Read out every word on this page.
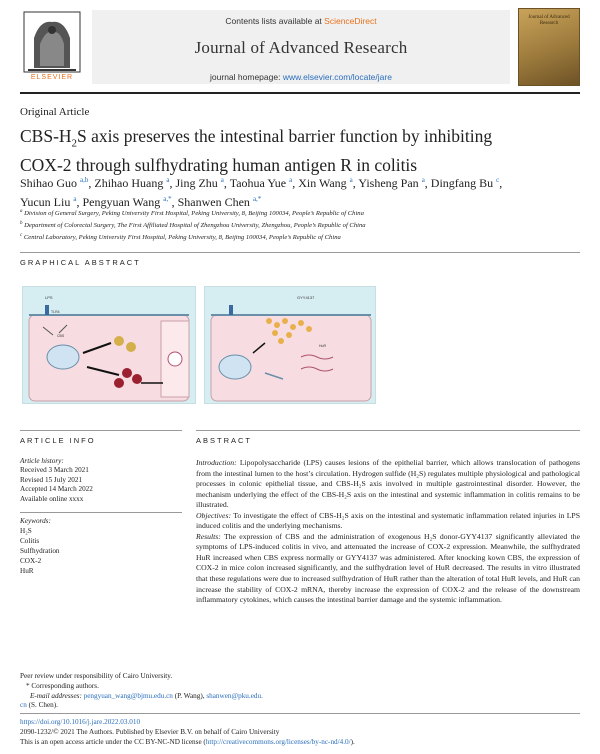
ELSEVIER
Contents lists available at ScienceDirect
Journal of Advanced Research
journal homepage: www.elsevier.com/locate/jare
Journal of Advanced Research
Original Article
CBS-$H_2S$ axis preserves the intestinal barrier function by inhibiting
COX-2 through sulfhydrating human antigen R in colitis
Shihao Guo $^{a,b}$, Zhihao Huang $^a$, Jing Zhu $^a$, Taohua Yue $^a$, Xin Wang $^a$, Yisheng Pan $^a$, Dingfang Bu $^c$,
Yucun Liu $^a$, Pengyuan Wang $^{a,*}$, Shanwen Chen $^{a,*}$
$^a$ Division of General Surgery, Peking University First Hospital, Peking University, 8, Beijing 100034, People’s Republic of China
$^b$ Department of Colorectal Surgery, The First Affiliated Hospital of Zhengzhou University, Zhengzhou, People’s Republic of China
$^c$ Central Laboratory, Peking University First Hospital, Peking University, 8, Beijing 100034, People’s Republic of China
GRAPHICAL ABSTRACT
LPS
TLR4
CBS
GYY4137
HuR
ARTICLE INFO	ABSTRACT
Article history:
Received 3 March 2021
Revised 15 July 2021
Accepted 14 March 2022
Available online xxxx
Keywords:
H₂S
Colitis
Sulfhydration
COX-2
HuR

Introduction: Lipopolysaccharide (LPS) causes lesions of the epithelial barrier, which allows translocation of pathogens from the intestinal lumen to the host’s circulation. Hydrogen sulfide (H₂S) regulates multiple physiological and pathological processes in colonic epithelial tissue, and CBS-H₂S axis involved in multiple gastrointestinal disorder. However, the mechanism underlying the effect of the CBS-H₂S axis on the intestinal and systemic inflammation in colitis remains to be illustrated.

Objectives: To investigate the effect of CBS-H₂S axis on the intestinal and systematic inflammation related injuries in LPS induced colitis and the underlying mechanisms.

Results: The expression of CBS and the administration of exogenous H₂S donor-GYY4137 significantly alleviated the symptoms of LPS-induced colitis in vivo, and attenuated the increase of COX-2 expression. Meanwhile, the sulfhydrated HuR increased when CBS express normally or GYY4137 was administered. After knocking kown CBS, the expression of COX-2 in mice colon increased significantly, and the sulfhydration level of HuR decreased. The results in vitro illustrated that these regulations were due to increased sulfhydration of HuR rather than the alteration of total HuR levels, and HuR can increase the stability of COX-2 mRNA, thereby increase the expression of COX-2 and the release of the downstream inflammatory cytokines, which causes the intestinal barrier damage and the systemic inflammation.

Peer review under responsibility of Cairo University.
* Corresponding authors.
E-mail addresses: pengyuan_wang@bjmu.edu.cn (P. Wang), shanwen@pku.edu.
cn (S. Chen).
https://doi.org/10.1016/j.jare.2022.03.010
2090-1232/© 2021 The Authors. Published by Elsevier B.V. on behalf of Cairo University
This is an open access article under the CC BY-NC-ND license (http://creativecommons.org/licenses/by-nc-nd/4.0/).
